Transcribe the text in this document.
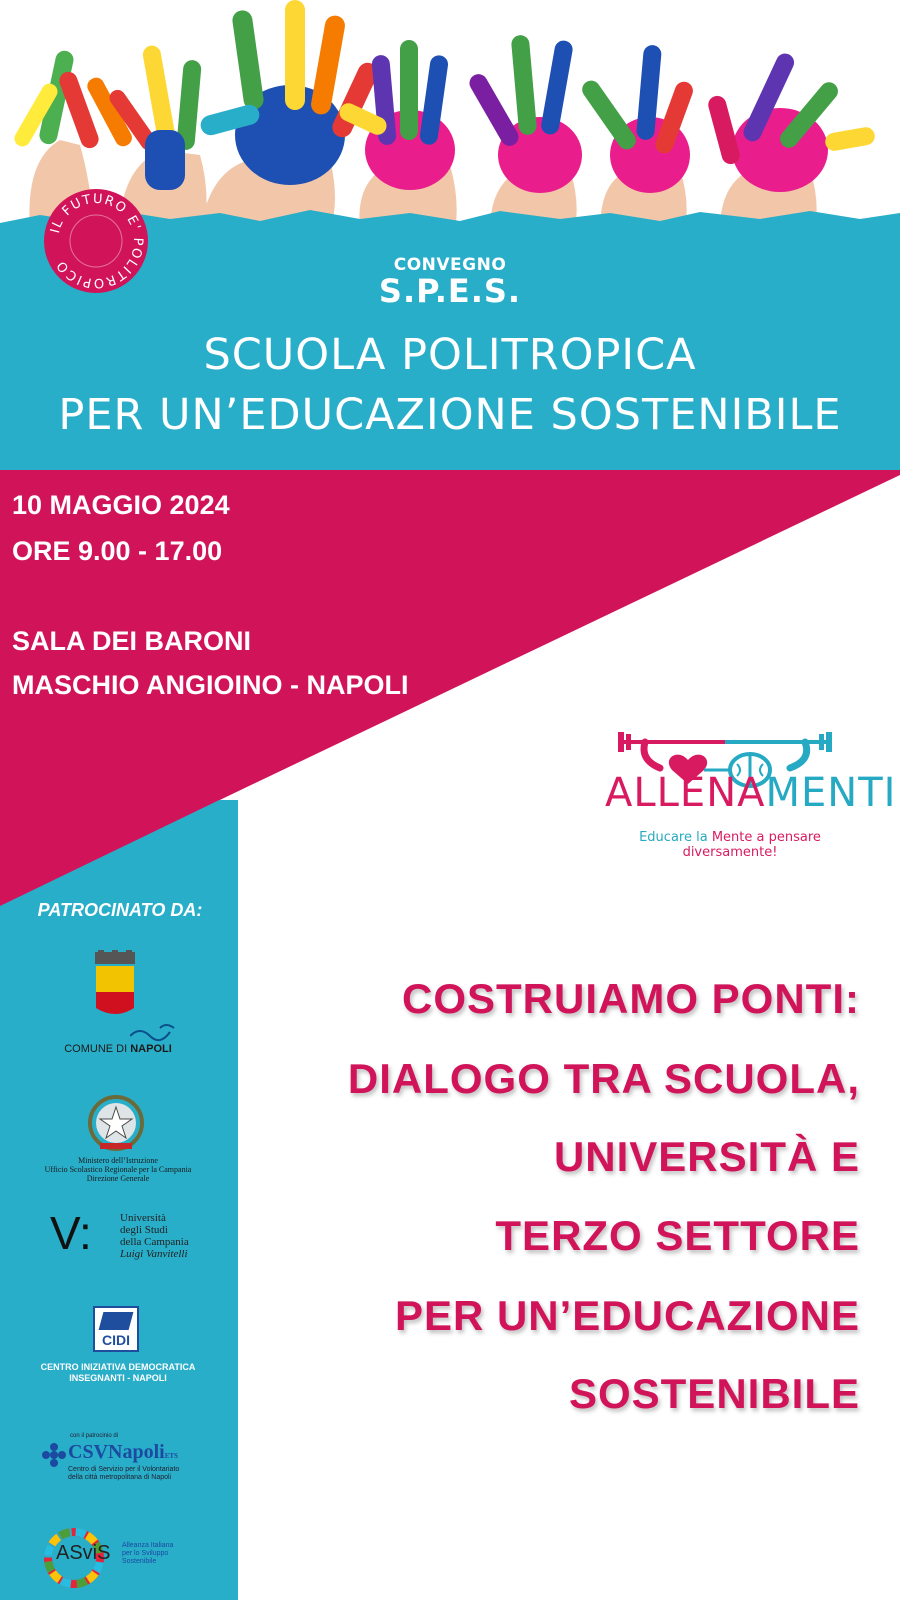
IL FUTURO E' POLITROPICO	CONVEGNO
S.P.E.S.
SCUOLA POLITROPICA
PER UN’EDUCAZIONE SOSTENIBILE
10 MAGGIO 2024
ORE 9.00 - 17.00
SALA DEI BARONI
MASCHIO ANGIOINO - NAPOLI
ALLENAMENTI
Educare la Mente a pensare diversamente!
PATROCINATO DA:
COMUNE DI NAPOLI
Ministero dell’Istruzione
Ufficio Scolastico Regionale per la Campania
Direzione Generale
V:	Università
degli Studi
della Campania
Luigi Vanvitelli
CIDI
CENTRO INIZIATIVA DEMOCRATICA
INSEGNANTI - NAPOLI
con il patrocinio di
CSVNapoliETS
Centro di Servizio per il Volontariato
della città metropolitana di Napoli
ASviS Alleanza Italiana
per lo Sviluppo
Sostenibile
COSTRUIAMO PONTI:
DIALOGO TRA SCUOLA,
UNIVERSITÀ E
TERZO SETTORE
PER UN’EDUCAZIONE
SOSTENIBILE
